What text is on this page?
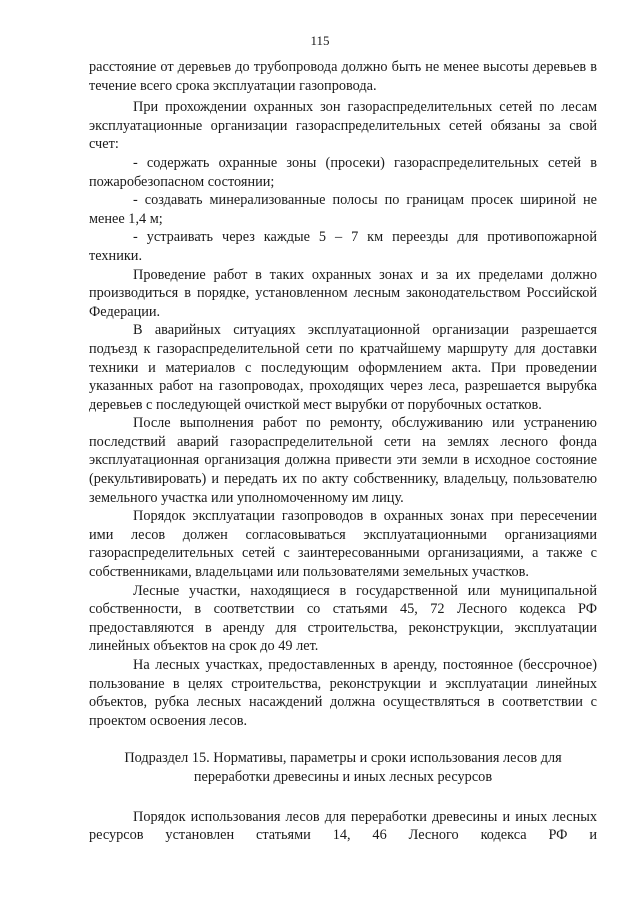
115

расстояние от деревьев до трубопровода должно быть не менее высоты деревьев в течение всего срока эксплуатации газопровода.

При прохождении охранных зон газораспределительных сетей по лесам эксплуатационные организации газораспределительных сетей обязаны за свой счет:

- содержать охранные зоны (просеки) газораспределительных сетей в пожаробезопасном состоянии;

- создавать минерализованные полосы по границам просек шириной не менее 1,4 м;

- устраивать через каждые 5 – 7 км переезды для противопожарной техники.

Проведение работ в таких охранных зонах и за их пределами должно производиться в порядке, установленном лесным законодательством Российской Федерации.

В аварийных ситуациях эксплуатационной организации разрешается подъезд к газораспределительной сети по кратчайшему маршруту для доставки техники и материалов с последующим оформлением акта. При проведении указанных работ на газопроводах, проходящих через леса, разрешается вырубка деревьев с последующей очисткой мест вырубки от порубочных остатков.

После выполнения работ по ремонту, обслуживанию или устранению последствий аварий газораспределительной сети на землях лесного фонда эксплуатационная организация должна привести эти земли в исходное состояние (рекультивировать) и передать их по акту собственнику, владельцу, пользователю земельного участка или уполномоченному им лицу.

Порядок эксплуатации газопроводов в охранных зонах при пересечении ими лесов должен согласовываться эксплуатационными организациями газораспределительных сетей с заинтересованными организациями, а также с собственниками, владельцами или пользователями земельных участков.

Лесные участки, находящиеся в государственной или муниципальной собственности, в соответствии со статьями 45, 72 Лесного кодекса РФ предоставляются в аренду для строительства, реконструкции, эксплуатации линейных объектов на срок до 49 лет.

На лесных участках, предоставленных в аренду, постоянное (бессрочное) пользование в целях строительства, реконструкции и эксплуатации линейных объектов, рубка лесных насаждений должна осуществляться в соответствии с проектом освоения лесов.

Подраздел 15. Нормативы, параметры и сроки использования лесов для переработки древесины и иных лесных ресурсов

Порядок использования лесов для переработки древесины и иных лесных ресурсов установлен статьями 14, 46 Лесного кодекса РФ и
